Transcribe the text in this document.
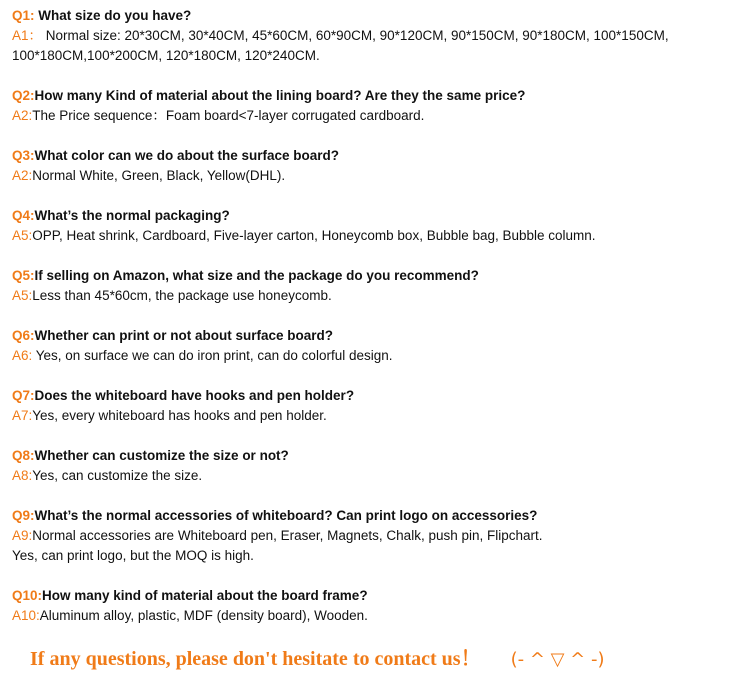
Q1: What size do you have?
A1： Normal size: 20*30CM, 30*40CM, 45*60CM, 60*90CM, 90*120CM, 90*150CM, 90*180CM, 100*150CM,
100*180CM,100*200CM, 120*180CM, 120*240CM.
Q2:How many Kind of material about the lining board? Are they the same price?
A2:The Price sequence：Foam board<7-layer corrugated cardboard.
Q3:What color can we do about the surface board?
A2:Normal White, Green, Black, Yellow(DHL).
Q4:What’s the normal packaging?
A5:OPP, Heat shrink, Cardboard, Five-layer carton, Honeycomb box, Bubble bag, Bubble column.
Q5:If selling on Amazon, what size and the package do you recommend?
A5:Less than 45*60cm, the package use honeycomb.
Q6:Whether can print or not about surface board?
A6: Yes, on surface we can do iron print, can do colorful design.
Q7:Does the whiteboard have hooks and pen holder?
A7:Yes, every whiteboard has hooks and pen holder.
Q8:Whether can customize the size or not?
A8:Yes, can customize the size.
Q9:What’s the normal accessories of whiteboard? Can print logo on accessories?
A9:Normal accessories are Whiteboard pen, Eraser, Magnets, Chalk, push pin, Flipchart.
Yes, can print logo, but the MOQ is high.
Q10:How many kind of material about the board frame?
A10:Aluminum alloy, plastic, MDF (density board), Wooden.
If any questions, please don't hesitate to contact us！ (- ^ ▽ ^ -)
